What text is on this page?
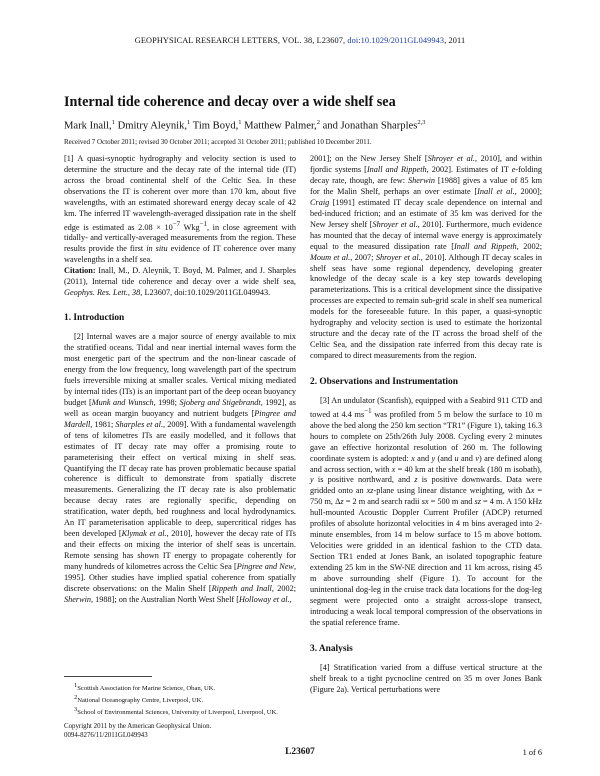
GEOPHYSICAL RESEARCH LETTERS, VOL. 38, L23607, doi:10.1029/2011GL049943, 2011
Internal tide coherence and decay over a wide shelf sea
Mark Inall,$^1$ Dmitry Aleynik,$^1$ Tim Boyd,$^1$ Matthew Palmer,$^2$ and Jonathan Sharples$^{2,3}$
Received 7 October 2011; revised 30 October 2011; accepted 31 October 2011; published 10 December 2011.

[1] A quasi-synoptic hydrography and velocity section is used to determine the structure and the decay rate of the internal tide (IT) across the broad continental shelf of the Celtic Sea. In these observations the IT is coherent over more than 170 km, about five wavelengths, with an estimated shoreward energy decay scale of 42 km. The inferred IT wavelength-averaged dissipation rate in the shelf edge is estimated as $2.08 \times 10^{-7}$ Wkg$^{-1}$, in close agreement with tidally- and vertically-averaged measurements from the region. These results provide the first in situ evidence of IT coherence over many wavelengths in a shelf sea.
Citation: Inall, M., D. Aleynik, T. Boyd, M. Palmer, and J. Sharples (2011), Internal tide coherence and decay over a wide shelf sea, Geophys. Res. Lett., 38, L23607, doi:10.1029/2011GL049943.

1. Introduction

[2] Internal waves are a major source of energy available to mix the stratified oceans. Tidal and near inertial internal waves form the most energetic part of the spectrum and the non-linear cascade of energy from the low frequency, long wavelength part of the spectrum fuels irreversible mixing at smaller scales. Vertical mixing mediated by internal tides (ITs) is an important part of the deep ocean buoyancy budget [Munk and Wunsch, 1998; Sjoberg and Stigebrandt, 1992], as well as ocean margin buoyancy and nutrient budgets [Pingree and Mardell, 1981; Sharples et al., 2009]. With a fundamental wavelength of tens of kilometres ITs are easily modelled, and it follows that estimates of IT decay rate may offer a promising route to parameterising their effect on vertical mixing in shelf seas. Quantifying the IT decay rate has proven problematic because spatial coherence is difficult to demonstrate from spatially discrete measurements. Generalizing the IT decay rate is also problematic because decay rates are regionally specific, depending on stratification, water depth, bed roughness and local hydrodynamics. An IT parameterisation applicable to deep, supercritical ridges has been developed [Klymak et al., 2010], however the decay rate of ITs and their effects on mixing the interior of shelf seas is uncertain. Remote sensing has shown IT energy to propagate coherently for many hundreds of kilometres across the Celtic Sea [Pingree and New, 1995]. Other studies have implied spatial coherence from spatially discrete observations: on the Malin Shelf [Rippeth and Inall, 2002; Sherwin, 1988]; on the Australian North West Shelf [Holloway et al.,

$^1$Scottish Association for Marine Science, Oban, UK.
$^2$National Oceanography Centre, Liverpool, UK.
$^3$School of Environmental Sciences, University of Liverpool, Liverpool, UK.
Copyright 2011 by the American Geophysical Union.
0094-8276/11/2011GL049943

2001]; on the New Jersey Shelf [Shroyer et al., 2010], and within fjordic systems [Inall and Rippeth, 2002]. Estimates of IT e-folding decay rate, though, are few: Sherwin [1988] gives a value of 85 km for the Malin Shelf, perhaps an over estimate [Inall et al., 2000]; Craig [1991] estimated IT decay scale dependence on internal and bed-induced friction; and an estimate of 35 km was derived for the New Jersey shelf [Shroyer et al., 2010]. Furthermore, much evidence has mounted that the decay of internal wave energy is approximately equal to the measured dissipation rate [Inall and Rippeth, 2002; Moum et al., 2007; Shroyer et al., 2010]. Although IT decay scales in shelf seas have some regional dependency, developing greater knowledge of the decay scale is a key step towards developing parameterizations. This is a critical development since the dissipative processes are expected to remain sub-grid scale in shelf sea numerical models for the foreseeable future. In this paper, a quasi-synoptic hydrography and velocity section is used to estimate the horizontal structure and the decay rate of the IT across the broad shelf of the Celtic Sea, and the dissipation rate inferred from this decay rate is compared to direct measurements from the region.

2. Observations and Instrumentation

[3] An undulator (Scanfish), equipped with a Seabird 911 CTD and towed at 4.4 $ms^{-1}$ was profiled from 5 m below the surface to 10 m above the bed along the 250 km section “TR1” (Figure 1), taking 16.3 hours to complete on 25th/26th July 2008. Cycling every 2 minutes gave an effective horizontal resolution of 260 m. The following coordinate system is adopted: x and y (and u and v) are defined along and across section, with x = 40 km at the shelf break (180 m isobath), y is positive northward, and z is positive downwards. Data were gridded onto an xz-plane using linear distance weighting, with Δx = 750 m, Δz = 2 m and search radii sx = 500 m and sz = 4 m. A 150 kHz hull-mounted Acoustic Doppler Current Profiler (ADCP) returned profiles of absolute horizontal velocities in 4 m bins averaged into 2-minute ensembles, from 14 m below surface to 15 m above bottom. Velocities were gridded in an identical fashion to the CTD data. Section TR1 ended at Jones Bank, an isolated topographic feature extending 25 km in the SW-NE direction and 11 km across, rising 45 m above surrounding shelf (Figure 1). To account for the unintentional dog-leg in the cruise track data locations for the dog-leg segment were projected onto a straight across-slope transect, introducing a weak local temporal compression of the observations in the spatial reference frame.

3. Analysis

[4] Stratification varied from a diffuse vertical structure at the shelf break to a tight pycnocline centred on 35 m over Jones Bank (Figure 2a). Vertical perturbations were

L23607	1 of 6
